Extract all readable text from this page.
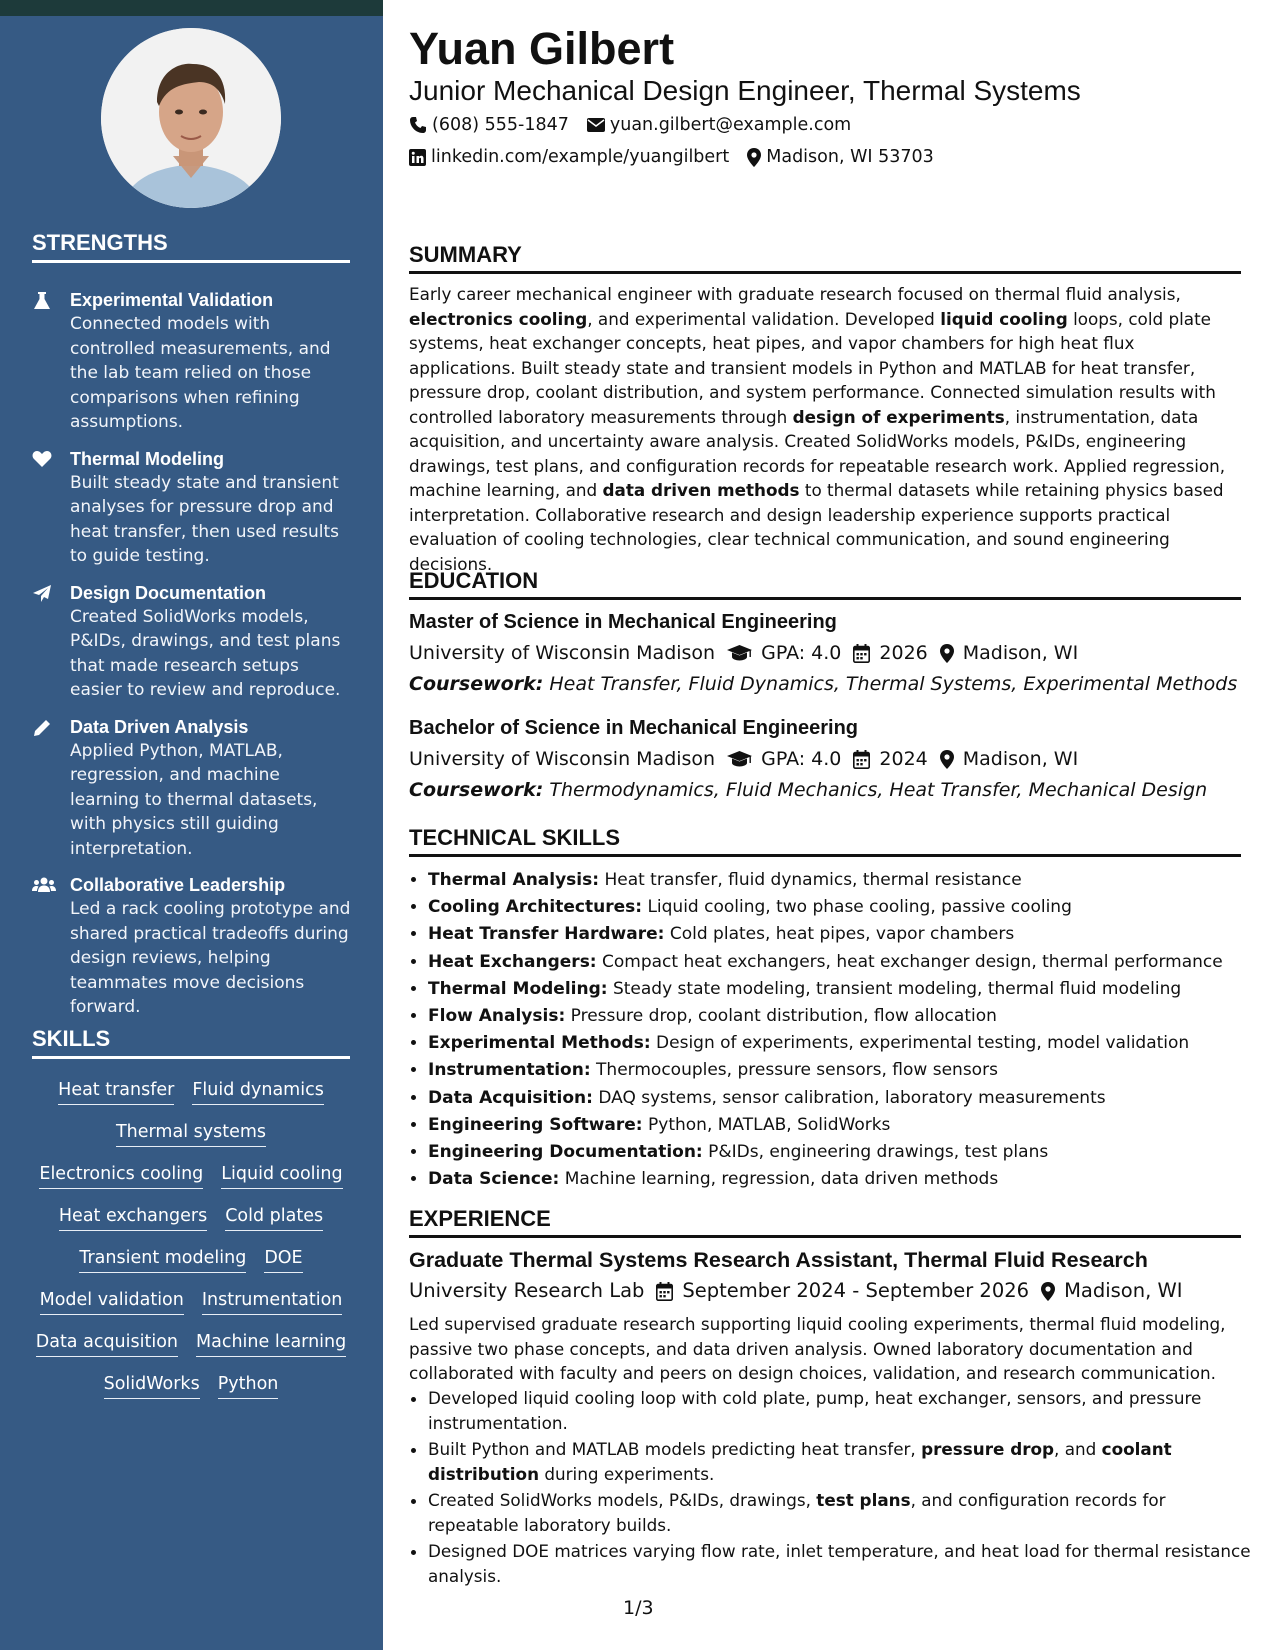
STRENGTHS
Experimental Validation
Connected models with controlled measurements, and the lab team relied on those comparisons when refining assumptions.
Thermal Modeling
Built steady state and transient analyses for pressure drop and heat transfer, then used results to guide testing.
Design Documentation
Created SolidWorks models, P&IDs, drawings, and test plans that made research setups easier to review and reproduce.
Data Driven Analysis
Applied Python, MATLAB, regression, and machine learning to thermal datasets, with physics still guiding interpretation.
Collaborative Leadership
Led a rack cooling prototype and shared practical tradeoffs during design reviews, helping teammates move decisions forward.
SKILLS
Heat transfer Fluid dynamics
Thermal systems
Electronics cooling Liquid cooling
Heat exchangers Cold plates
Transient modeling DOE
Model validation Instrumentation
Data acquisition Machine learning
SolidWorks Python
Yuan Gilbert
Junior Mechanical Design Engineer, Thermal Systems
(608) 555-1847 yuan.gilbert@example.com
linkedin.com/example/yuangilbert Madison, WI 53703
SUMMARY
Early career mechanical engineer with graduate research focused on thermal fluid analysis, electronics cooling, and experimental validation. Developed liquid cooling loops, cold plate systems, heat exchanger concepts, heat pipes, and vapor chambers for high heat flux applications. Built steady state and transient models in Python and MATLAB for heat transfer, pressure drop, coolant distribution, and system performance. Connected simulation results with controlled laboratory measurements through design of experiments, instrumentation, data acquisition, and uncertainty aware analysis. Created SolidWorks models, P&IDs, engineering drawings, test plans, and configuration records for repeatable research work. Applied regression, machine learning, and data driven methods to thermal datasets while retaining physics based interpretation. Collaborative research and design leadership experience supports practical evaluation of cooling technologies, clear technical communication, and sound engineering decisions.
EDUCATION
Master of Science in Mechanical Engineering
University of Wisconsin Madison GPA: 4.0 2026 Madison, WI
Coursework: Heat Transfer, Fluid Dynamics, Thermal Systems, Experimental Methods
Bachelor of Science in Mechanical Engineering
University of Wisconsin Madison GPA: 4.0 2024 Madison, WI
Coursework: Thermodynamics, Fluid Mechanics, Heat Transfer, Mechanical Design
TECHNICAL SKILLS
• Thermal Analysis: Heat transfer, fluid dynamics, thermal resistance
• Cooling Architectures: Liquid cooling, two phase cooling, passive cooling
• Heat Transfer Hardware: Cold plates, heat pipes, vapor chambers
• Heat Exchangers: Compact heat exchangers, heat exchanger design, thermal performance
• Thermal Modeling: Steady state modeling, transient modeling, thermal fluid modeling
• Flow Analysis: Pressure drop, coolant distribution, flow allocation
• Experimental Methods: Design of experiments, experimental testing, model validation
• Instrumentation: Thermocouples, pressure sensors, flow sensors
• Data Acquisition: DAQ systems, sensor calibration, laboratory measurements
• Engineering Software: Python, MATLAB, SolidWorks
• Engineering Documentation: P&IDs, engineering drawings, test plans
• Data Science: Machine learning, regression, data driven methods
EXPERIENCE
Graduate Thermal Systems Research Assistant, Thermal Fluid Research
University Research Lab September 2024 - September 2026 Madison, WI
Led supervised graduate research supporting liquid cooling experiments, thermal fluid modeling, passive two phase concepts, and data driven analysis. Owned laboratory documentation and collaborated with faculty and peers on design choices, validation, and research communication.
• Developed liquid cooling loop with cold plate, pump, heat exchanger, sensors, and pressure instrumentation.
• Built Python and MATLAB models predicting heat transfer, pressure drop, and coolant distribution during experiments.
• Created SolidWorks models, P&IDs, drawings, test plans, and configuration records for repeatable laboratory builds.
• Designed DOE matrices varying flow rate, inlet temperature, and heat load for thermal resistance analysis.
1/3
